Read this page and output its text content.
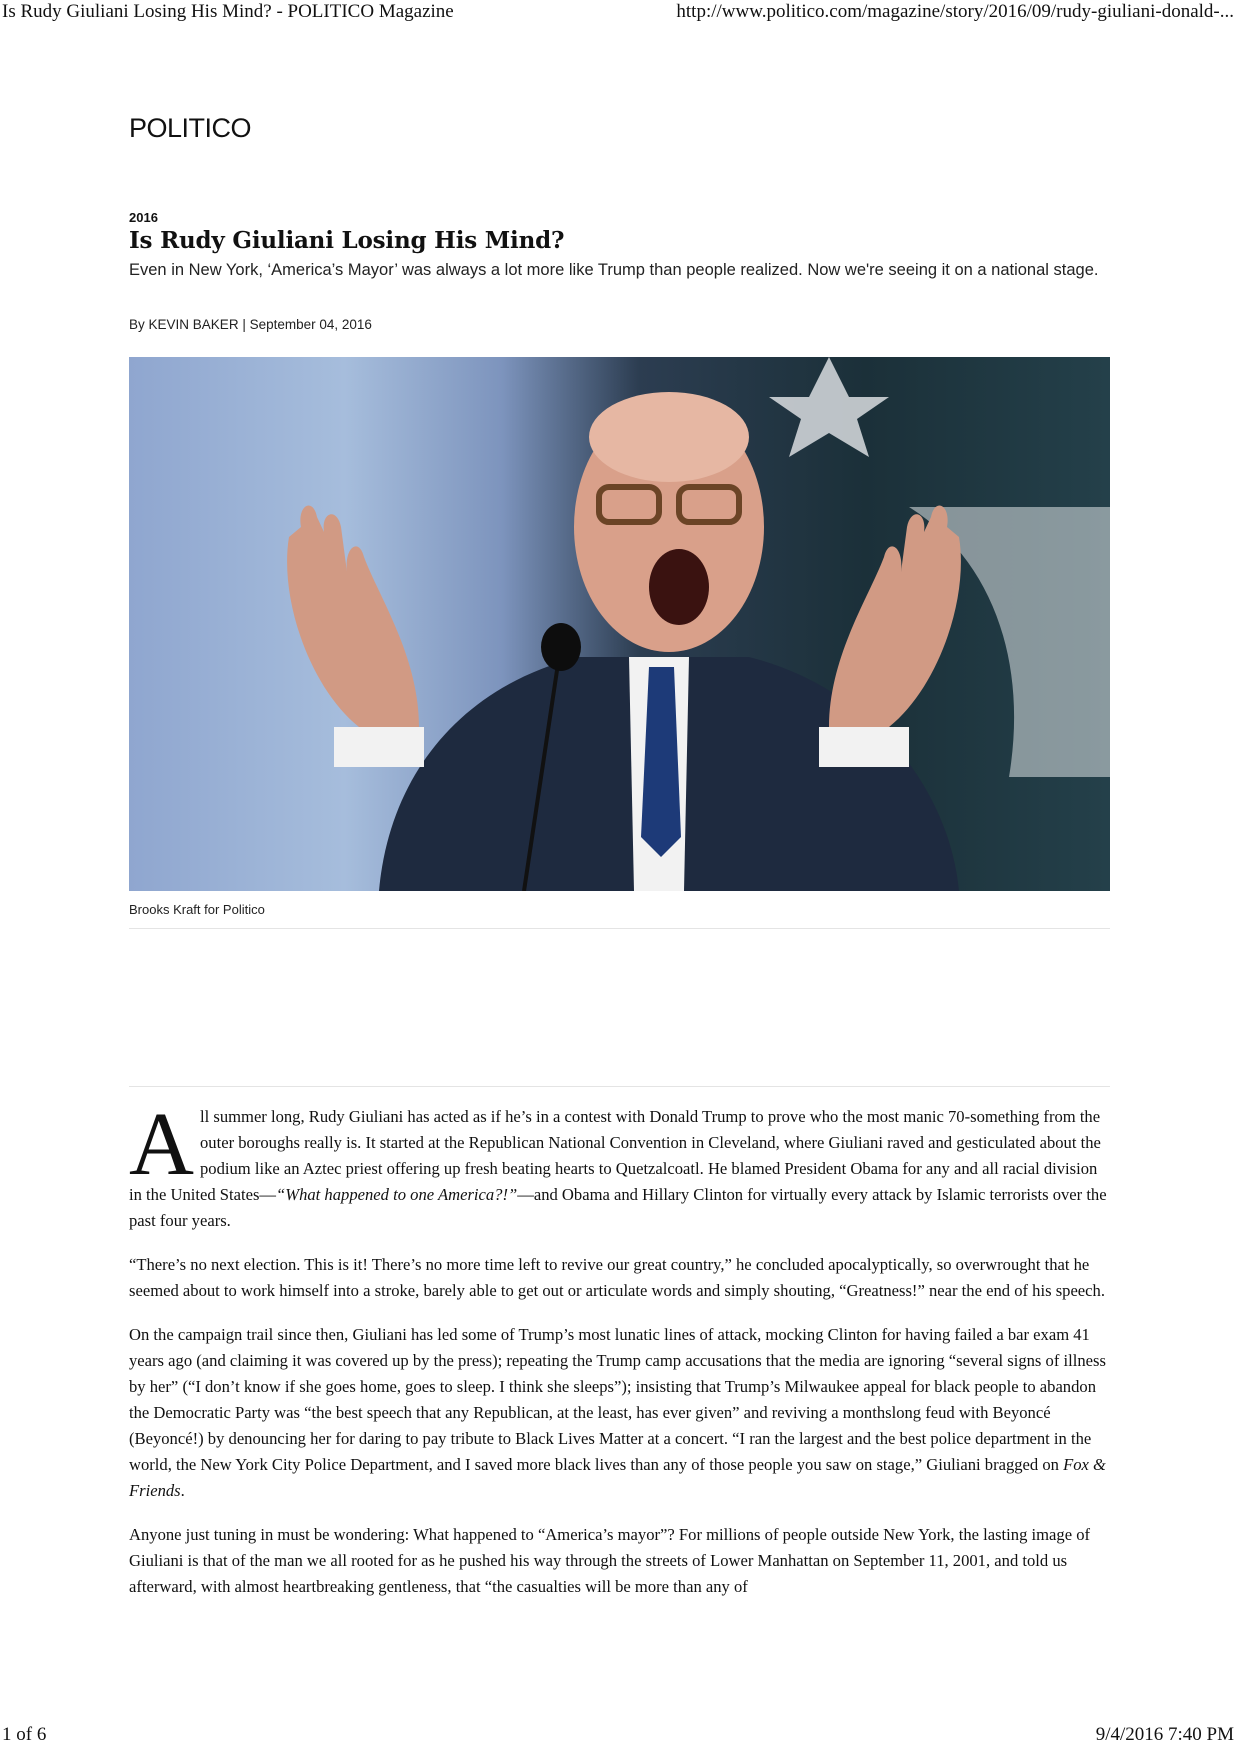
Is Rudy Giuliani Losing His Mind? - POLITICO Magazine	http://www.politico.com/magazine/story/2016/09/rudy-giuliani-donald-...
POLITICO
2016
Is Rudy Giuliani Losing His Mind?

Even in New York, ‘America’s Mayor’ was always a lot more like Trump than people realized. Now we're seeing it on a national stage.

By KEVIN BAKER | September 04, 2016
Brooks Kraft for Politico

All summer long, Rudy Giuliani has acted as if he’s in a contest with Donald Trump to prove who the most manic 70-something from the outer boroughs really is. It started at the Republican National Convention in Cleveland, where Giuliani raved and gesticulated about the podium like an Aztec priest offering up fresh beating hearts to Quetzalcoatl. He blamed President Obama for any and all racial division in the United States—“What happened to one America?!”—and Obama and Hillary Clinton for virtually every attack by Islamic terrorists over the past four years.

“There’s no next election. This is it! There’s no more time left to revive our great country,” he concluded apocalyptically, so overwrought that he seemed about to work himself into a stroke, barely able to get out or articulate words and simply shouting, “Greatness!” near the end of his speech.

On the campaign trail since then, Giuliani has led some of Trump’s most lunatic lines of attack, mocking Clinton for having failed a bar exam 41 years ago (and claiming it was covered up by the press); repeating the Trump camp accusations that the media are ignoring “several signs of illness by her” (“I don’t know if she goes home, goes to sleep. I think she sleeps”); insisting that Trump’s Milwaukee appeal for black people to abandon the Democratic Party was “the best speech that any Republican, at the least, has ever given” and reviving a monthslong feud with Beyoncé (Beyoncé!) by denouncing her for daring to pay tribute to Black Lives Matter at a concert. “I ran the largest and the best police department in the world, the New York City Police Department, and I saved more black lives than any of those people you saw on stage,” Giuliani bragged on Fox & Friends.

Anyone just tuning in must be wondering: What happened to “America’s mayor”? For millions of people outside New York, the lasting image of Giuliani is that of the man we all rooted for as he pushed his way through the streets of Lower Manhattan on September 11, 2001, and told us afterward, with almost heartbreaking gentleness, that “the casualties will be more than any of

1 of 6	9/4/2016 7:40 PM
